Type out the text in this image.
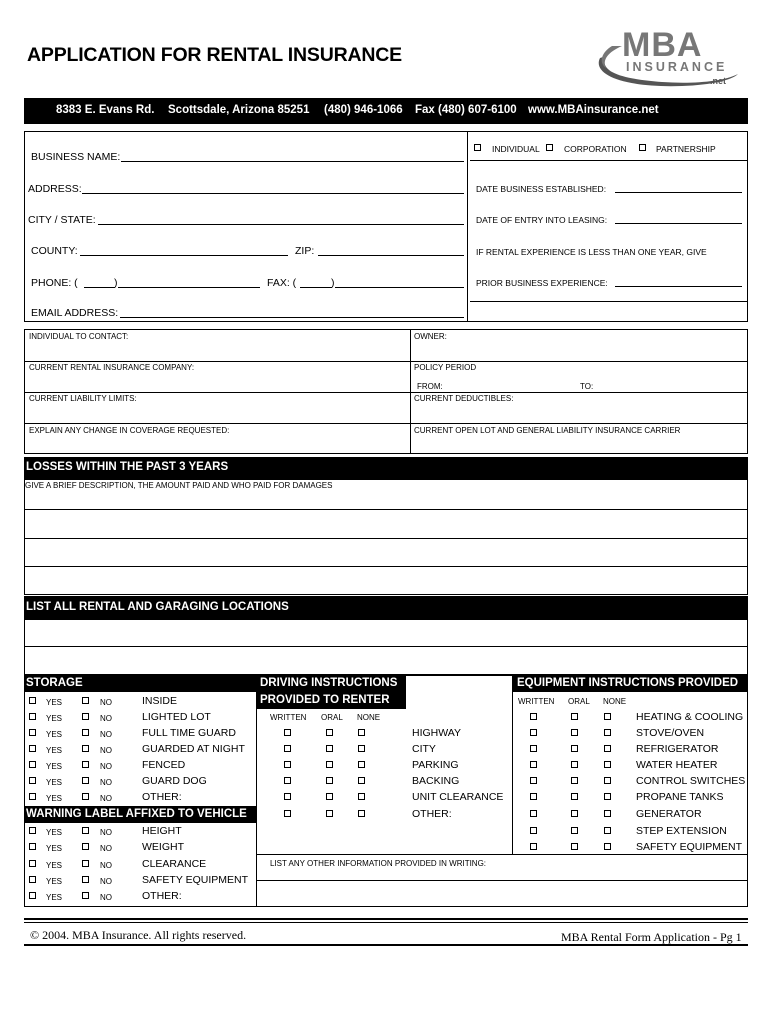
APPLICATION FOR RENTAL INSURANCE	MBA
INSURANCE
.net
8383 E. Evans Rd. Scottsdale, Arizona 85251 (480) 946-1066 Fax (480) 607-6100 www.MBAinsurance.net
BUSINESS NAME:
ADDRESS:
CITY / STATE:
COUNTY:	ZIP:
PHONE: (	)	FAX: (	)
EMAIL ADDRESS:
INDIVIDUAL	CORPORATION	PARTNERSHIP
DATE BUSINESS ESTABLISHED:
DATE OF ENTRY INTO LEASING:
IF RENTAL EXPERIENCE IS LESS THAN ONE YEAR, GIVE
PRIOR BUSINESS EXPERIENCE:
INDIVIDUAL TO CONTACT:	OWNER:
CURRENT RENTAL INSURANCE COMPANY:	POLICY PERIOD
FROM:	TO:
CURRENT LIABILITY LIMITS:	CURRENT DEDUCTIBLES:
EXPLAIN ANY CHANGE IN COVERAGE REQUESTED:	CURRENT OPEN LOT AND GENERAL LIABILITY INSURANCE CARRIER
LOSSES WITHIN THE PAST 3 YEARS
GIVE A BRIEF DESCRIPTION, THE AMOUNT PAID AND WHO PAID FOR DAMAGES
LIST ALL RENTAL AND GARAGING LOCATIONS
STORAGE	DRIVING INSTRUCTIONS
PROVIDED TO RENTER
EQUIPMENT INSTRUCTIONS PROVIDED
WRITTEN ORAL NONE
WRITTEN ORAL NONE
YES	NO	INSIDE
YES	NO	LIGHTED LOT
YES	NO	FULL TIME GUARD
YES	NO	GUARDED AT NIGHT
YES	NO	FENCED
YES	NO	GUARD DOG
YES	NO	OTHER:
WARNING LABEL AFFIXED TO VEHICLE
YES	NO	HEIGHT
YES	NO	WEIGHT
YES	NO	CLEARANCE
YES	NO	SAFETY EQUIPMENT
YES	NO	OTHER:
HIGHWAY
CITY
PARKING
BACKING
UNIT CLEARANCE
OTHER:
HEATING & COOLING
STOVE/OVEN
REFRIGERATOR
WATER HEATER
CONTROL SWITCHES
PROPANE TANKS
GENERATOR
STEP EXTENSION
SAFETY EQUIPMENT
LIST ANY OTHER INFORMATION PROVIDED IN WRITING:
© 2004. MBA Insurance. All rights reserved.	MBA Rental Form Application - Pg 1
